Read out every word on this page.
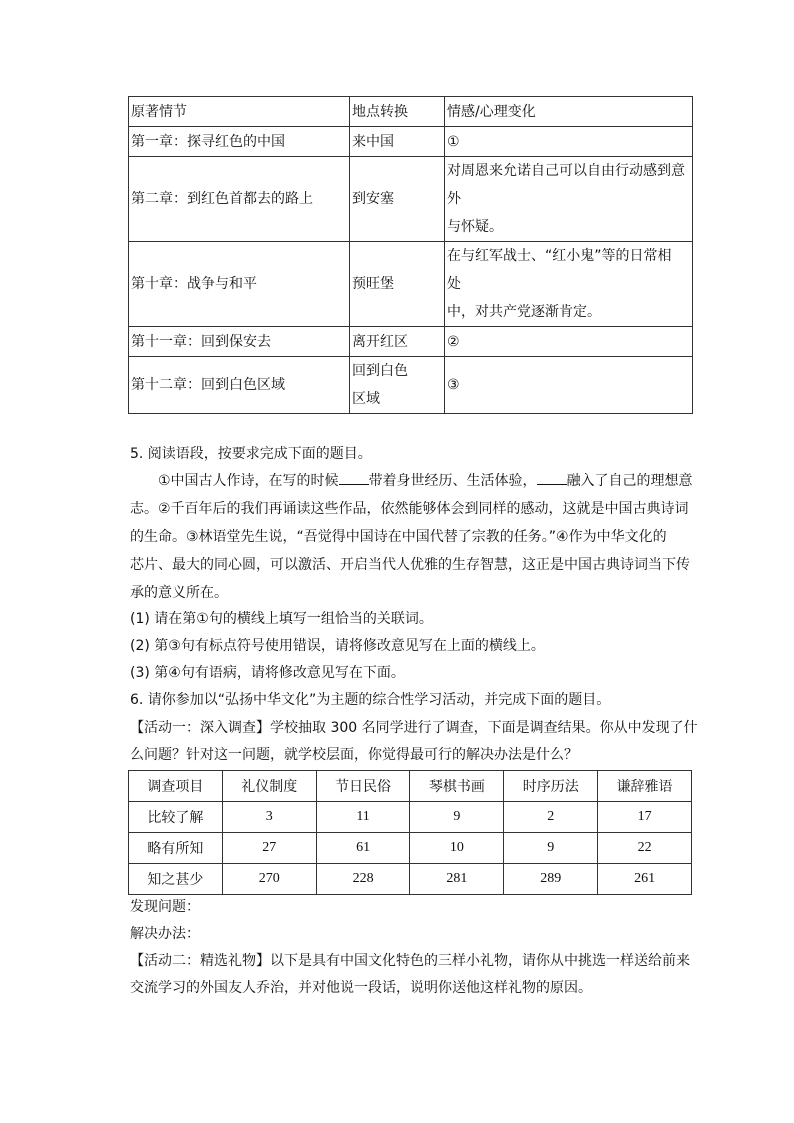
原著情节	地点转换	情感/心理变化
第一章：探寻红色的中国	来中国	①
第二章：到红色首都去的路上	到安塞	对周恩来允诺自己可以自由行动感到意
外
与怀疑。

第十章：战争与和平	预旺堡	在与红军战士、“红小鬼”等的日常相
处
中，对共产党逐渐肯定。

第十一章：回到保安去	离开红区	②
第十二章：回到白色区域	回到白色
区域	③
5. 阅读语段，按要求完成下面的题目。
　　①中国古人作诗，在写的时候 带着身世经历、生活体验， 融入了自己的理想意
志。②千百年后的我们再诵读这些作品，依然能够体会到同样的感动，这就是中国古典诗词
的生命。③林语堂先生说，“吾觉得中国诗在中国代替了宗教的任务。”④作为中华文化的
芯片、最大的同心圆，可以激活、开启当代人优雅的生存智慧，这正是中国古典诗词当下传
承的意义所在。
(1) 请在第①句的横线上填写一组恰当的关联词。
(2) 第③句有标点符号使用错误，请将修改意见写在上面的横线上。
(3) 第④句有语病，请将修改意见写在下面。
6. 请你参加以“弘扬中华文化”为主题的综合性学习活动，并完成下面的题目。
【活动一：深入调查】学校抽取 300 名同学进行了调查，下面是调查结果。你从中发现了什
么问题？针对这一问题，就学校层面，你觉得最可行的解决办法是什么？
调查项目	礼仪制度	节日民俗	琴棋书画	时序历法	谦辞雅语
比较了解	3	11	9	2	17
略有所知	27	61	10	9	22
知之甚少	270	228	281	289	261
发现问题：
解决办法：
【活动二：精选礼物】以下是具有中国文化特色的三样小礼物，请你从中挑选一样送给前来
交流学习的外国友人乔治，并对他说一段话，说明你送他这样礼物的原因。
